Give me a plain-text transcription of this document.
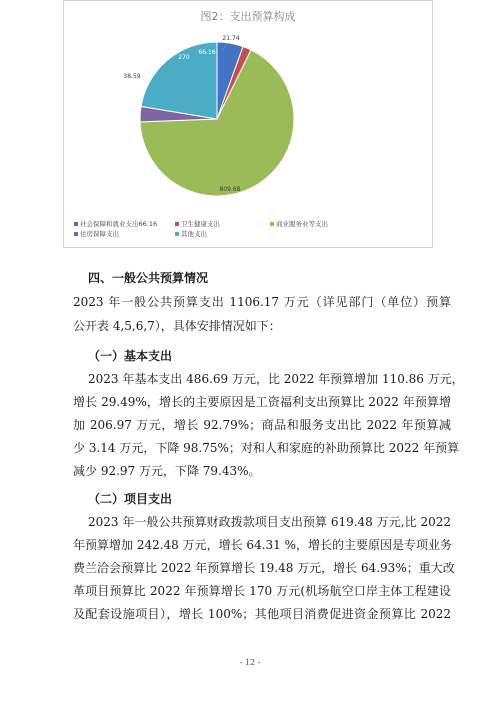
图2：支出预算构成
66.16
21.74
809.68
38.59
270
社会保障和就业支出66.16	卫生健康支出	商业服务业等支出
住房保障支出	其他支出
四、一般公共预算情况
2023 年一般公共预算支出 1106.17 万元（详见部门（单位）预算
公开表 4,5,6,7），具体安排情况如下：
（一）基本支出
2023 年基本支出 486.69 万元，比 2022 年预算增加 110.86 万元，
增长 29.49%，增长的主要原因是工资福利支出预算比 2022 年预算增
加 206.97 万元，增长 92.79%；商品和服务支出比 2022 年预算减
少 3.14 万元，下降 98.75%；对和人和家庭的补助预算比 2022 年预算
减少 92.97 万元，下降 79.43%。
（二）项目支出
2023 年一般公共预算财政拨款项目支出预算 619.48 万元,比 2022
年预算增加 242.48 万元，增长 64.31 %，增长的主要原因是专项业务
费兰洽会预算比 2022 年预算增长 19.48 万元，增长 64.93%；重大改
革项目预算比 2022 年预算增长 170 万元(机场航空口岸主体工程建设
及配套设施项目），增长 100%；其他项目消费促进资金预算比 2022
- 12 -
